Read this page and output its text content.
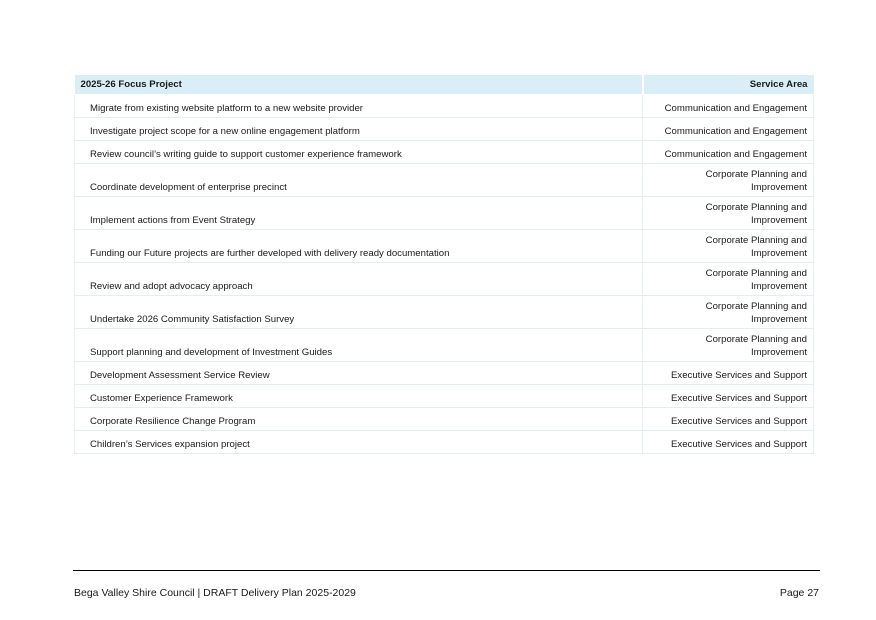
2025-26 Focus Project	Service Area
Migrate from existing website platform to a new website provider	Communication and Engagement
Investigate project scope for a new online engagement platform	Communication and Engagement
Review council’s writing guide to support customer experience framework	Communication and Engagement
Coordinate development of enterprise precinct	Corporate Planning and
Improvement

Implement actions from Event Strategy	Corporate Planning and
Improvement

Funding our Future projects are further developed with delivery ready documentation	Corporate Planning and
Improvement

Review and adopt advocacy approach	Corporate Planning and
Improvement

Undertake 2026 Community Satisfaction Survey	Corporate Planning and
Improvement

Support planning and development of Investment Guides	Corporate Planning and
Improvement

Development Assessment Service Review	Executive Services and Support
Customer Experience Framework	Executive Services and Support
Corporate Resilience Change Program	Executive Services and Support
Children’s Services expansion project	Executive Services and Support
Bega Valley Shire Council | DRAFT Delivery Plan 2025-2029	Page 27
